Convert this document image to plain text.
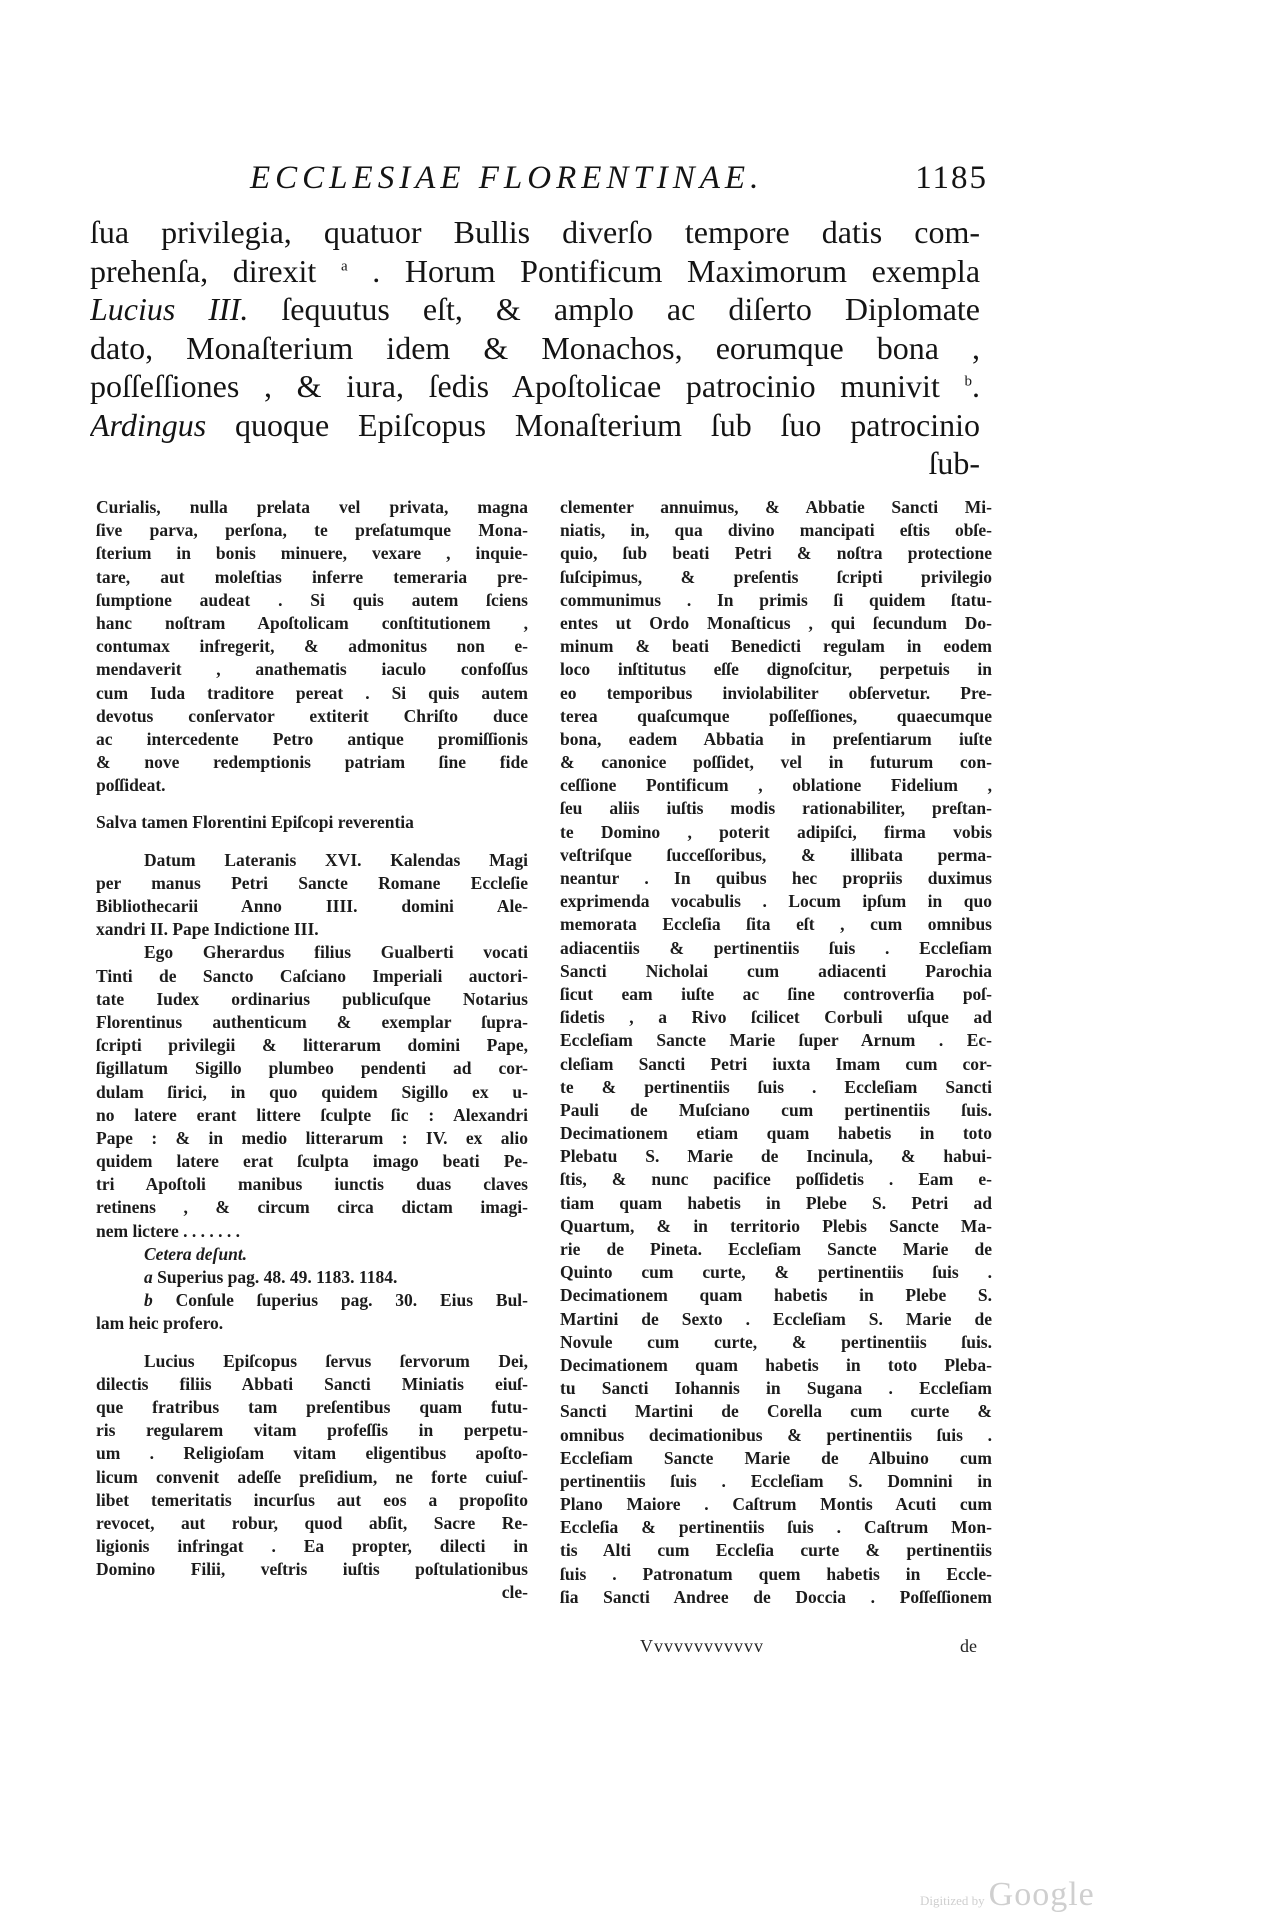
ECCLESIAE FLORENTINAE.	1185
ſua privilegia, quatuor Bullis diverſo tempore datis com-
prehenſa, direxit $^a$ . Horum Pontificum Maximorum exempla
Lucius III. ſequutus eſt, & amplo ac diſerto Diplomate
dato, Monaſterium idem & Monachos, eorumque bona ,
poſſeſſiones , & iura, ſedis Apoſtolicae patrocinio munivit $^b$.
Ardingus quoque Epiſcopus Monaſterium ſub ſuo patrocinio
ſub-
Curialis, nulla prelata vel privata, magna
ſive parva, perſona, te preſatumque Mona-
ſterium in bonis minuere, vexare , inquie-
tare, aut moleſtias inferre temeraria pre-
ſumptione audeat . Si quis autem ſciens
hanc noſtram Apoſtolicam conſtitutionem ,
contumax infregerit, & admonitus non e-
mendaverit , anathematis iaculo confoſſus
cum Iuda traditore pereat . Si quis autem
devotus conſervator extiterit Chriſto duce
ac intercedente Petro antique promiſſionis
& nove redemptionis patriam ſine fide
poſſideat.
Salva tamen Florentini Epiſcopi reverentia
Datum Lateranis XVI. Kalendas Magi
per manus Petri Sancte Romane Eccleſie
Bibliothecarii Anno IIII. domini Ale-
xandri II. Pape Indictione III.
Ego Gherardus filius Gualberti vocati
Tinti de Sancto Caſciano Imperiali auctori-
tate Iudex ordinarius publicuſque Notarius
Florentinus authenticum & exemplar ſupra-
ſcripti privilegii & litterarum domini Pape,
ſigillatum Sigillo plumbeo pendenti ad cor-
dulam ſirici, in quo quidem Sigillo ex u-
no latere erant littere ſculpte ſic : Alexandri
Pape : & in medio litterarum : IV. ex alio
quidem latere erat ſculpta imago beati Pe-
tri Apoſtoli manibus iunctis duas claves
retinens , & circum circa dictam imagi-
nem lictere . . . . . . .
Cetera deſunt.
a Superius pag. 48. 49. 1183. 1184.
b Conſule ſuperius pag. 30. Eius Bul-
lam heic profero.
Lucius Epiſcopus ſervus ſervorum Dei,
dilectis filiis Abbati Sancti Miniatis eiuſ-
que fratribus tam preſentibus quam futu-
ris regularem vitam profeſſis in perpetu-
um . Religioſam vitam eligentibus apoſto-
licum convenit adeſſe preſidium, ne forte cuiuſ-
libet temeritatis incurſus aut eos a propoſito
revocet, aut robur, quod abſit, Sacre Re-
ligionis infringat . Ea propter, dilecti in
Domino Filii, veſtris iuſtis poſtulationibus
cle-
clementer annuimus, & Abbatie Sancti Mi-
niatis, in, qua divino mancipati eſtis obſe-
quio, ſub beati Petri & noſtra protectione
ſuſcipimus, & preſentis ſcripti privilegio
communimus . In primis ſi quidem ſtatu-
entes ut Ordo Monaſticus , qui ſecundum Do-
minum & beati Benedicti regulam in eodem
loco inſtitutus eſſe dignoſcitur, perpetuis in
eo temporibus inviolabiliter obſervetur. Pre-
terea quaſcumque poſſeſſiones, quaecumque
bona, eadem Abbatia in preſentiarum iuſte
& canonice poſſidet, vel in futurum con-
ceſſione Pontificum , oblatione Fidelium ,
ſeu aliis iuſtis modis rationabiliter, preſtan-
te Domino , poterit adipiſci, firma vobis
veſtriſque ſucceſſoribus, & illibata perma-
neantur . In quibus hec propriis duximus
exprimenda vocabulis . Locum ipſum in quo
memorata Eccleſia ſita eſt , cum omnibus
adiacentiis & pertinentiis ſuis . Eccleſiam
Sancti Nicholai cum adiacenti Parochia
ſicut eam iuſte ac ſine controverſia poſ-
ſidetis , a Rivo ſcilicet Corbuli uſque ad
Eccleſiam Sancte Marie ſuper Arnum . Ec-
cleſiam Sancti Petri iuxta Imam cum cor-
te & pertinentiis ſuis . Eccleſiam Sancti
Pauli de Muſciano cum pertinentiis ſuis.
Decimationem etiam quam habetis in toto
Plebatu S. Marie de Incinula, & habui-
ſtis, & nunc pacifice poſſidetis . Eam e-
tiam quam habetis in Plebe S. Petri ad
Quartum, & in territorio Plebis Sancte Ma-
rie de Pineta. Eccleſiam Sancte Marie de
Quinto cum curte, & pertinentiis ſuis .
Decimationem quam habetis in Plebe S.
Martini de Sexto . Eccleſiam S. Marie de
Novule cum curte, & pertinentiis ſuis.
Decimationem quam habetis in toto Pleba-
tu Sancti Iohannis in Sugana . Eccleſiam
Sancti Martini de Corella cum curte &
omnibus decimationibus & pertinentiis ſuis .
Eccleſiam Sancte Marie de Albuino cum
pertinentiis ſuis . Eccleſiam S. Domnini in
Plano Maiore . Caſtrum Montis Acuti cum
Eccleſia & pertinentiis ſuis . Caſtrum Mon-
tis Alti cum Eccleſia curte & pertinentiis
ſuis . Patronatum quem habetis in Eccle-
ſia Sancti Andree de Doccia . Poſſeſſionem
Vvvvvvvvvvvv	de
Digitized by Google
